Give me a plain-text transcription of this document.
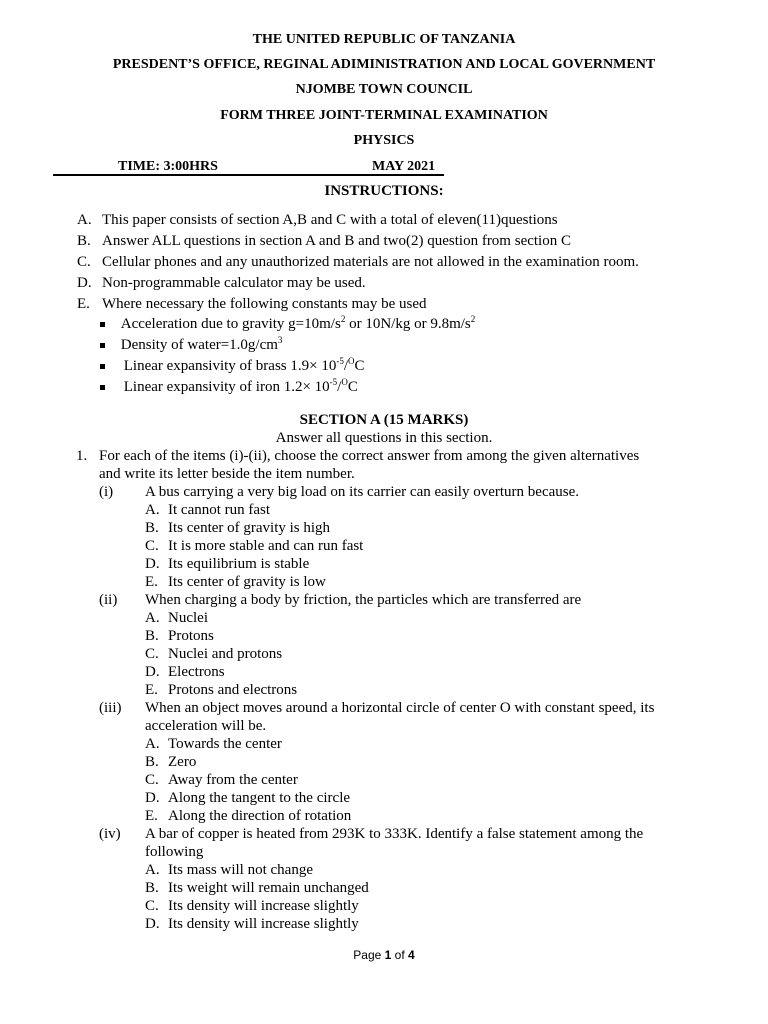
THE UNITED REPUBLIC OF TANZANIA
PRESDENT’S OFFICE, REGINAL ADIMINISTRATION AND LOCAL GOVERNMENT
NJOMBE TOWN COUNCIL
FORM THREE JOINT-TERMINAL EXAMINATION
PHYSICS
TIME: 3:00HRS	MAY 2021
INSTRUCTIONS:
A. This paper consists of section A,B and C with a total of eleven(11)questions
B. Answer ALL questions in section A and B and two(2) question from section C
C. Cellular phones and any unauthorized materials are not allowed in the examination room.
D. Non-programmable calculator may be used.
E. Where necessary the following constants may be used
Acceleration due to gravity $g=10m/s^2$ or 10N/kg or $9.8m/s^2$
Density of $water=1.0g/cm^3$
Linear expansivity of brass $1.9\times 10^{-5}/^OC$
Linear expansivity of iron $1.2\times 10^{-5}/^OC$
SECTION A (15 MARKS)
Answer all questions in this section.
1. For each of the items (i)-(ii), choose the correct answer from among the given alternatives
and write its letter beside the item number.
(i) A bus carrying a very big load on its carrier can easily overturn because.
A. It cannot run fast
B. Its center of gravity is high
C. It is more stable and can run fast
D. Its equilibrium is stable
E. Its center of gravity is low
(ii) When charging a body by friction, the particles which are transferred are
A. Nuclei
B. Protons
C. Nuclei and protons
D. Electrons
E. Protons and electrons
(iii) When an object moves around a horizontal circle of center O with constant speed, its
acceleration will be.
A. Towards the center
B. Zero
C. Away from the center
D. Along the tangent to the circle
E. Along the direction of rotation
(iv) A bar of copper is heated from 293K to 333K. Identify a false statement among the
following
A. Its mass will not change
B. Its weight will remain unchanged
C. Its density will increase slightly
D. Its density will increase slightly
Page 1 of 4
